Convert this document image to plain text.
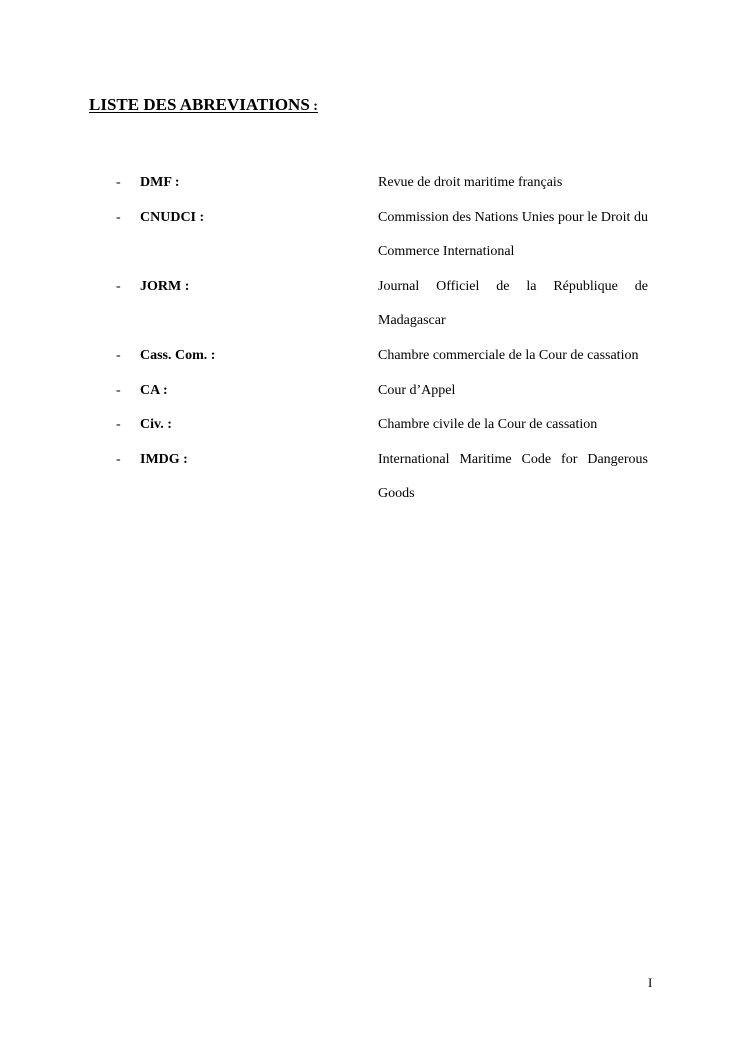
LISTE DES ABREVIATIONS :
- DMF :	Revue de droit maritime français
- CNUDCI :	Commission des Nations Unies pour le Droit du Commerce International
- JORM :	Journal Officiel de la République de Madagascar
- Cass. Com. :	Chambre commerciale de la Cour de cassation
- CA :	Cour d’Appel
- Civ. :	Chambre civile de la Cour de cassation
- IMDG :	International Maritime Code for Dangerous Goods
I
